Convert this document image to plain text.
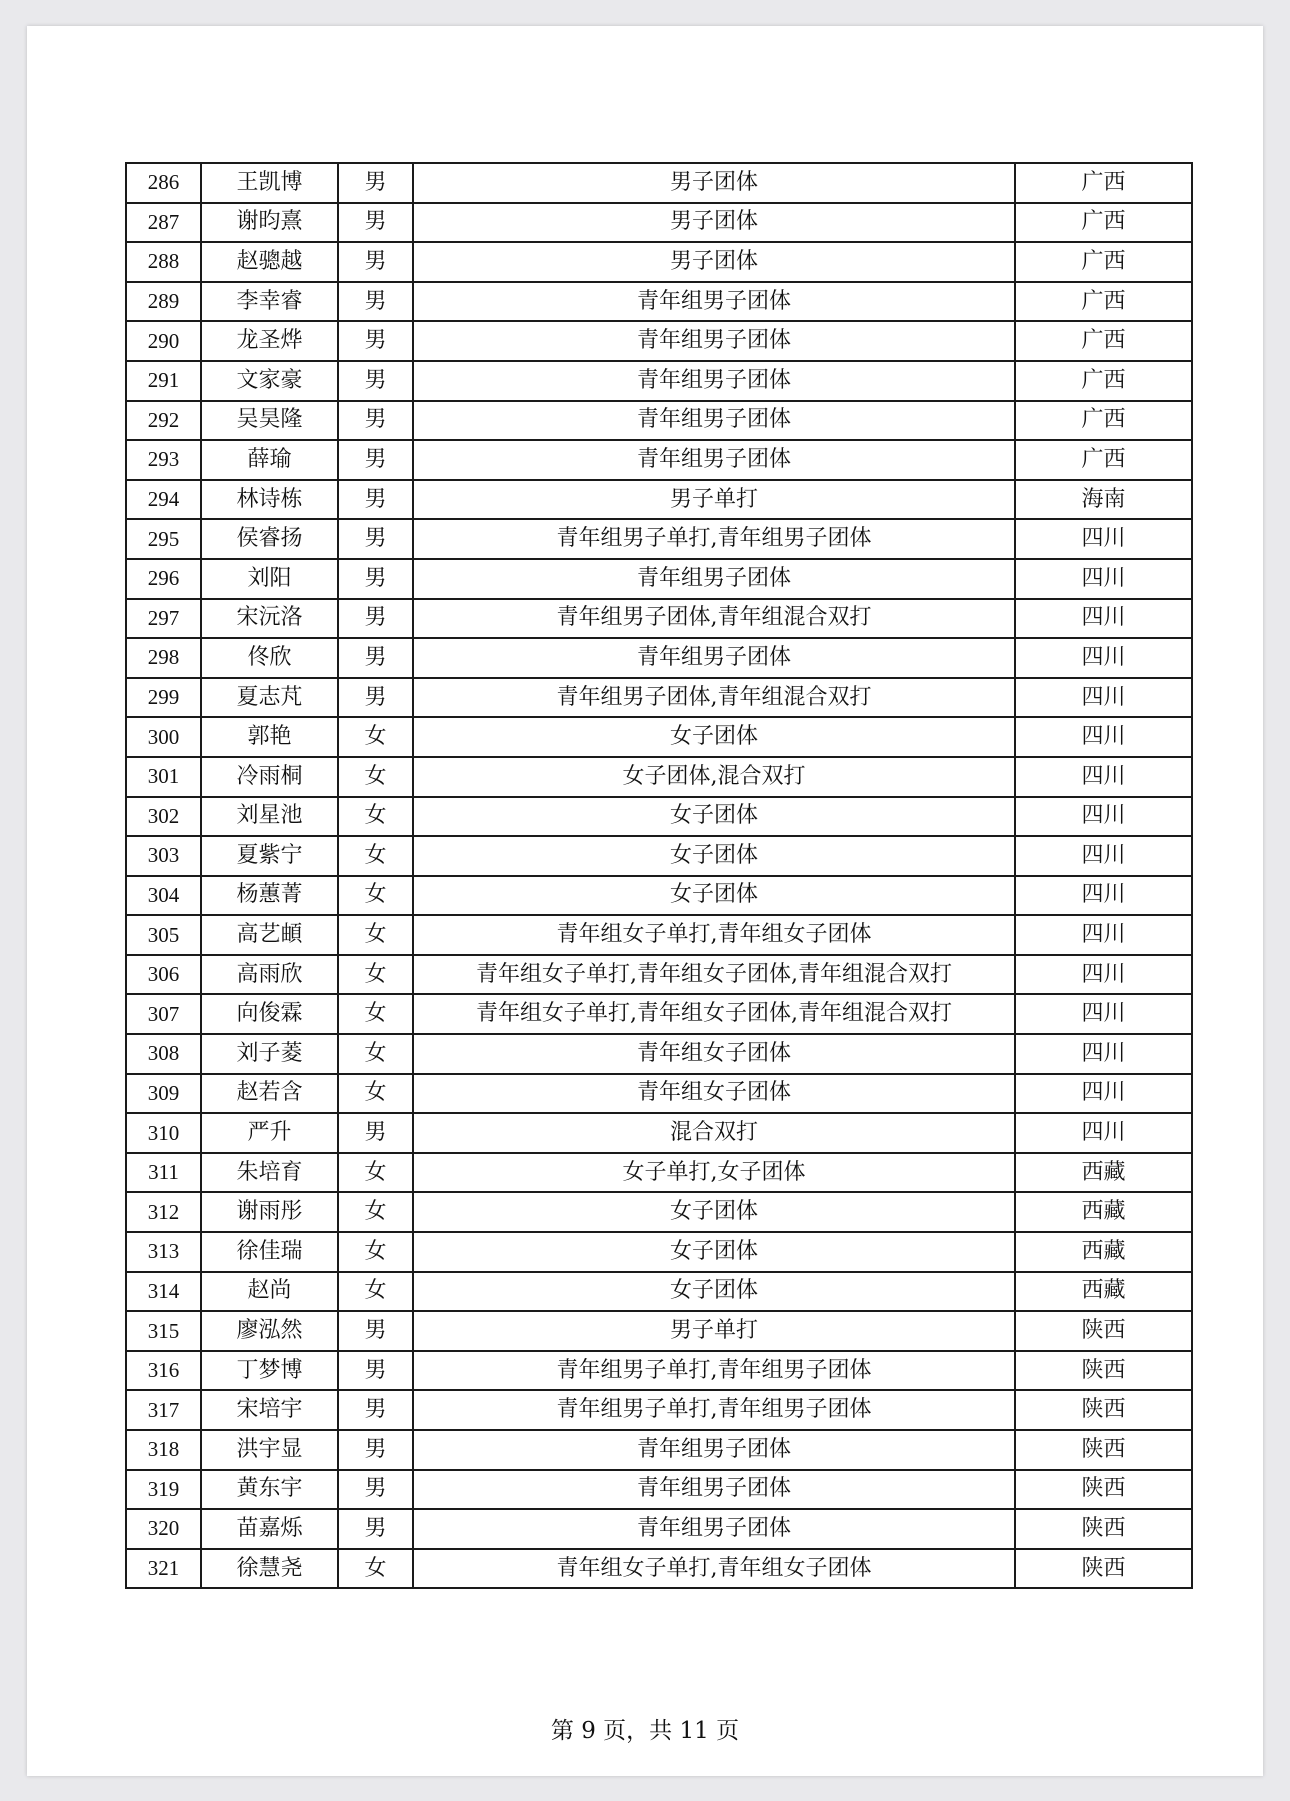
286	王凯博	男	男子团体	广西
287	谢昀熹	男	男子团体	广西
288	赵骢越	男	男子团体	广西
289	李幸睿	男	青年组男子团体	广西
290	龙圣烨	男	青年组男子团体	广西
291	文家豪	男	青年组男子团体	广西
292	吴昊隆	男	青年组男子团体	广西
293	薛瑜	男	青年组男子团体	广西
294	林诗栋	男	男子单打	海南
295	侯睿扬	男	青年组男子单打,青年组男子团体	四川
296	刘阳	男	青年组男子团体	四川
297	宋沅洛	男	青年组男子团体,青年组混合双打	四川
298	佟欣	男	青年组男子团体	四川
299	夏志芃	男	青年组男子团体,青年组混合双打	四川
300	郭艳	女	女子团体	四川
301	冷雨桐	女	女子团体,混合双打	四川
302	刘星池	女	女子团体	四川
303	夏紫宁	女	女子团体	四川
304	杨蕙菁	女	女子团体	四川
305	高艺頔	女	青年组女子单打,青年组女子团体	四川
306	高雨欣	女	青年组女子单打,青年组女子团体,青年组混合双打	四川
307	向俊霖	女	青年组女子单打,青年组女子团体,青年组混合双打	四川
308	刘子菱	女	青年组女子团体	四川
309	赵若含	女	青年组女子团体	四川
310	严升	男	混合双打	四川
311	朱培育	女	女子单打,女子团体	西藏
312	谢雨彤	女	女子团体	西藏
313	徐佳瑞	女	女子团体	西藏
314	赵尚	女	女子团体	西藏
315	廖泓然	男	男子单打	陕西
316	丁梦博	男	青年组男子单打,青年组男子团体	陕西
317	宋培宇	男	青年组男子单打,青年组男子团体	陕西
318	洪宇显	男	青年组男子团体	陕西
319	黄东宇	男	青年组男子团体	陕西
320	苗嘉烁	男	青年组男子团体	陕西
321	徐慧尧	女	青年组女子单打,青年组女子团体	陕西
第 9 页，共 11 页
